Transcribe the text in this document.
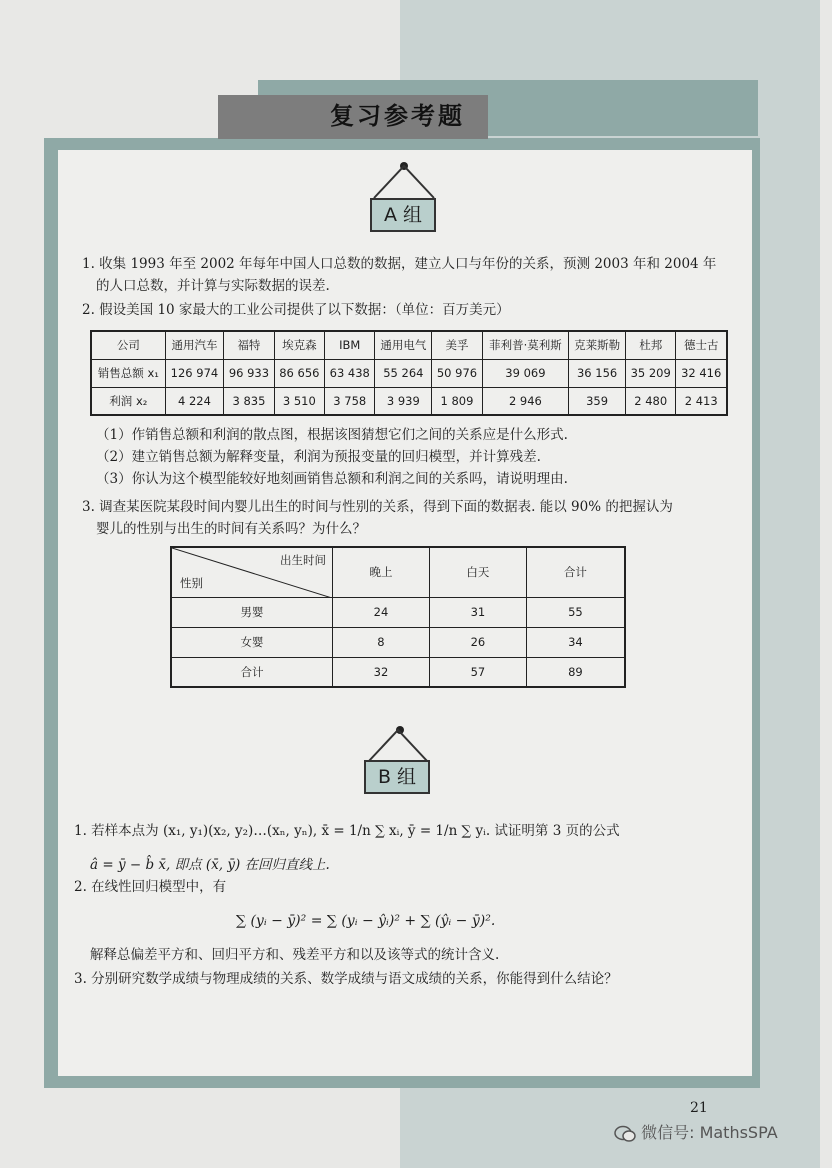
复习参考题
A 组
1. 收集 1993 年至 2002 年每年中国人口总数的数据，建立人口与年份的关系，预测 2003 年和 2004 年
的人口总数，并计算与实际数据的误差.
2. 假设美国 10 家最大的工业公司提供了以下数据：（单位：百万美元）
公司	通用汽车	福特	埃克森	IBM	通用电气	美孚	菲利普·莫利斯	克莱斯勒	杜邦	德士古
销售总额 x₁	126 974	96 933	86 656	63 438	55 264	50 976	39 069	36 156	35 209	32 416
利润 x₂	4 224	3 835	3 510	3 758	3 939	1 809	2 946	359	2 480	2 413
（1）作销售总额和利润的散点图，根据该图猜想它们之间的关系应是什么形式.
（2）建立销售总额为解释变量，利润为预报变量的回归模型，并计算残差.
（3）你认为这个模型能较好地刻画销售总额和利润之间的关系吗，请说明理由.
3. 调查某医院某段时间内婴儿出生的时间与性别的关系，得到下面的数据表. 能以 90% 的把握认为
婴儿的性别与出生的时间有关系吗？为什么？
出生时间
性别	晚上	白天	合计
男婴	24	31	55
女婴	8	26	34
合计	32	57	89
B 组
1. 若样本点为 (x₁, y₁)(x₂, y₂)…(xₙ, yₙ), x̄ = 1/n ∑ xᵢ, ȳ = 1/n ∑ yᵢ. 试证明第 3 页的公式
â = ȳ − b̂ x̄, 即点 (x̄, ȳ) 在回归直线上.
2. 在线性回归模型中，有
∑ (yᵢ − ȳ)² = ∑ (yᵢ − ŷᵢ)² + ∑ (ŷᵢ − ȳ)².
解释总偏差平方和、回归平方和、残差平方和以及该等式的统计含义.
3. 分别研究数学成绩与物理成绩的关系、数学成绩与语文成绩的关系，你能得到什么结论？
21
微信号: MathsSPA
